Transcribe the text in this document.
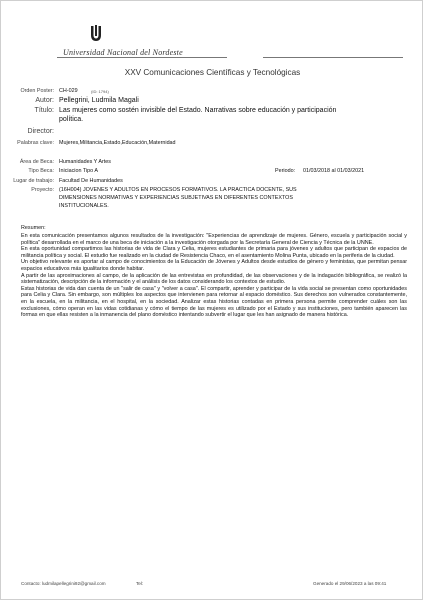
Universidad Nacional del Nordeste
XXV Comunicaciones Científicas y Tecnológicas
Orden Poster: CH-029	(ID: 1794)
Autor: Pellegrini, Ludmila Magali
Título: Las mujeres como sostén invisible del Estado. Narrativas sobre educación y participación
política.
Director:
Palabras clave: Mujeres,Militancia,Estado,Educación,Maternidad
Área de Beca: Humanidades Y Artes
Tipo Beca: Iniciacion Tipo A	Periodo: 01/03/2018 al 01/03/2021
Lugar de trabajo: Facultad De Humanidades
Proyecto: (16H004) JOVENES Y ADULTOS EN PROCESOS FORMATIVOS. LA PRACTICA DOCENTE, SUS
DIMENSIONES NORMATIVAS Y EXPERIENCIAS SUBJETIVAS EN DIFERENTES CONTEXTOS
INSTITUCIONALES.
Resumen:

En esta comunicación presentamos algunos resultados de la investigación: "Experiencias de aprendizaje de mujeres. Género, escuela y participación social y política" desarrollada en el marco de una beca de iniciación a la investigación otorgada por la Secretaría General de Ciencia y Técnica de la UNNE.

En esta oportunidad compartimos las historias de vida de Clara y Celia, mujeres estudiantes de primaria para jóvenes y adultos que participan de espacios de militancia política y social. El estudio fue realizado en la ciudad de Resistencia Chaco, en el asentamiento Molina Punta, ubicado en la periferia de la ciudad.

Un objetivo relevante es aportar al campo de conocimientos de la Educación de Jóvenes y Adultos desde estudios de género y feministas, que permitan pensar espacios educativos más igualitarios donde habitar.

A partir de las aproximaciones al campo, de la aplicación de las entrevistas en profundidad, de las observaciones y de la indagación bibliográfica, se realizó la sistematización, descripción de la información y el análisis de los datos considerando los contextos de estudio.

Estas historias de vida dan cuenta de un "salir de casa" y "volver a casa". El compartir, aprender y participar de la vida social se presentan como oportunidades para Celia y Clara. Sin embargo, son múltiples los aspectos que intervienen para retornar al espacio doméstico. Sus derechos son vulnerados constantemente, en la escuela, en la militancia, en el hospital, en la sociedad. Analizar estas historias contadas en primera persona permite comprender cuáles son las exclusiones, cómo operan en las vidas cotidianas y cómo el tiempo de las mujeres es utilizado por el Estado y sus instituciones, pero también aparecen las formas en que ellas resisten a la inmanencia del plano doméstico intentando subvertir el lugar que les han asignado de manera histórica.

Contacto: ludmilapellegrini92@gmail.com	Tel:	Generado el 29/06/2023 a las 09:41
